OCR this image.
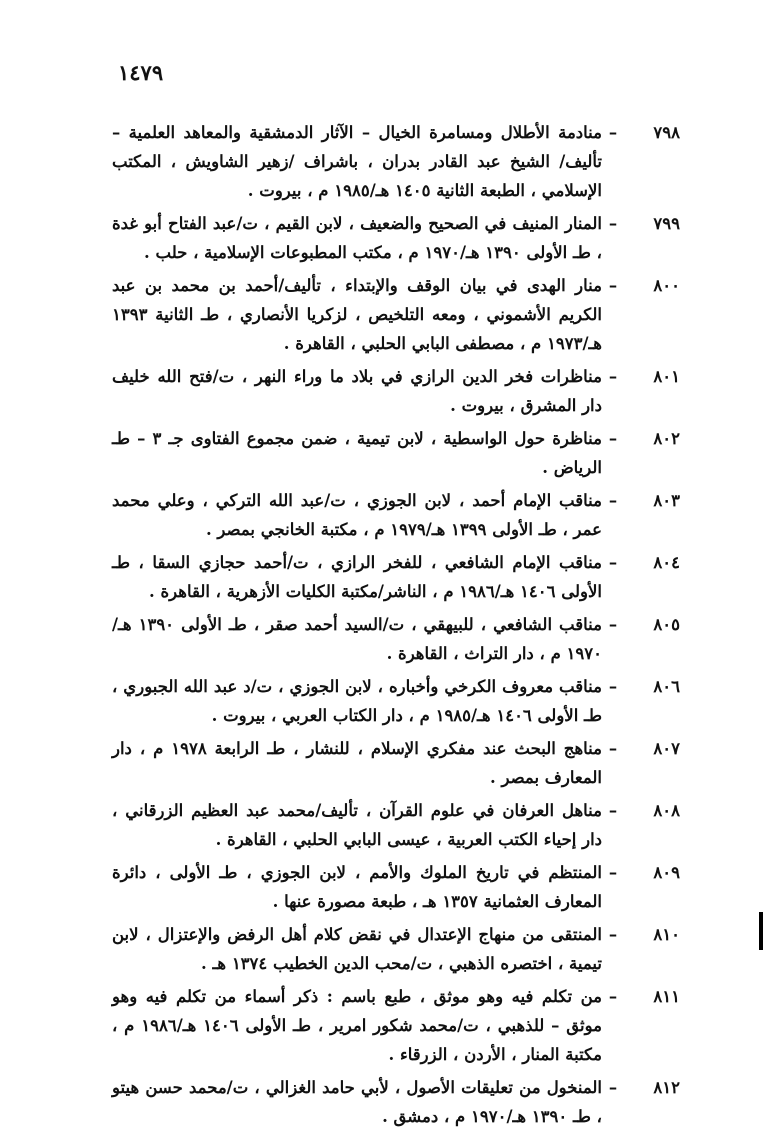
١٤٧٩
٧٩٨
–
منادمة الأطلال ومسامرة الخيال – الآثار الدمشقية والمعاهد العلمية – تأليف/ الشيخ عبد القادر بدران ، باشراف /زهير الشاويش ، المكتب الإسلامي ، الطبعة الثانية ١٤٠٥ هـ/١٩٨٥ م ، بيروت .
٧٩٩
–
المنار المنيف في الصحيح والضعيف ، لابن القيم ، ت/عبد الفتاح أبو غدة ، طـ الأولى ١٣٩٠ هـ/١٩٧٠ م ، مكتب المطبوعات الإسلامية ، حلب .
٨٠٠
–
منار الهدى في بيان الوقف والإبتداء ، تأليف/أحمد بن محمد بن عبد الكريم الأشموني ، ومعه التلخيص ، لزكريا الأنصاري ، طـ الثانية ١٣٩٣ هـ/١٩٧٣ م ، مصطفى البابي الحلبي ، القاهرة .
٨٠١
–
مناظرات فخر الدين الرازي في بلاد ما وراء النهر ، ت/فتح الله خليف دار المشرق ، بيروت .
٨٠٢
–
مناظرة حول الواسطية ، لابن تيمية ، ضمن مجموع الفتاوى جـ ٣ – طـ الرياض .
٨٠٣
–
مناقب الإمام أحمد ، لابن الجوزي ، ت/عبد الله التركي ، وعلي محمد عمر ، طـ الأولى ١٣٩٩ هـ/١٩٧٩ م ، مكتبة الخانجي بمصر .
٨٠٤
–
مناقب الإمام الشافعي ، للفخر الرازي ، ت/أحمد حجازي السقا ، طـ الأولى ١٤٠٦ هـ/١٩٨٦ م ، الناشر/مكتبة الكليات الأزهرية ، القاهرة .
٨٠٥
–
مناقب الشافعي ، للبيهقي ، ت/السيد أحمد صقر ، طـ الأولى ١٣٩٠ هـ/١٩٧٠ م ، دار التراث ، القاهرة .
٨٠٦
–
مناقب معروف الكرخي وأخباره ، لابن الجوزي ، ت/د عبد الله الجبوري ، طـ الأولى ١٤٠٦ هـ/١٩٨٥ م ، دار الكتاب العربي ، بيروت .
٨٠٧
–
مناهج البحث عند مفكري الإسلام ، للنشار ، طـ الرابعة ١٩٧٨ م ، دار المعارف بمصر .
٨٠٨
–
مناهل العرفان في علوم القرآن ، تأليف/محمد عبد العظيم الزرقاني ، دار إحياء الكتب العربية ، عيسى البابي الحلبي ، القاهرة .
٨٠٩
–
المنتظم في تاريخ الملوك والأمم ، لابن الجوزي ، طـ الأولى ، دائرة المعارف العثمانية ١٣٥٧ هـ ، طبعة مصورة عنها .
٨١٠
–
المنتقى من منهاج الإعتدال في نقض كلام أهل الرفض والإعتزال ، لابن تيمية ، اختصره الذهبي ، ت/محب الدين الخطيب ١٣٧٤ هـ .
٨١١
–
من تكلم فيه وهو موثق ، طبع باسم : ذكر أسماء من تكلم فيه وهو موثق – للذهبي ، ت/محمد شكور امرير ، طـ الأولى ١٤٠٦ هـ/١٩٨٦ م ، مكتبة المنار ، الأردن ، الزرقاء .
٨١٢
–
المنخول من تعليقات الأصول ، لأبي حامد الغزالي ، ت/محمد حسن هيتو ، طـ ١٣٩٠ هـ/١٩٧٠ م ، دمشق .
